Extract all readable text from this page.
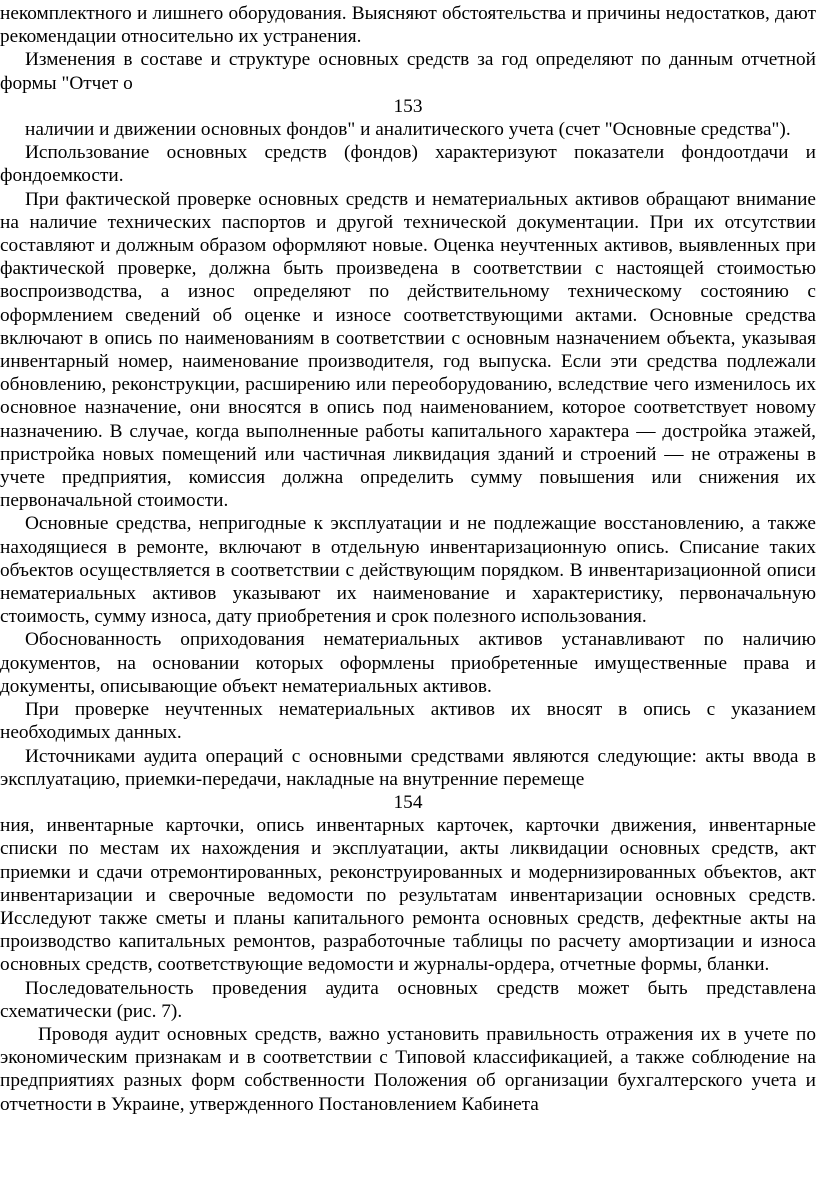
некомплектного и лишнего оборудования. Выясняют обстоятельства и причины недостатков, дают рекомендации относительно их устранения.

Изменения в составе и структуре основных средств за год определяют по данным отчетной формы "Отчет о

153

наличии и движении основных фондов" и аналитического учета (счет "Основные средства").

Использование основных средств (фондов) характеризуют показатели фондоотдачи и фондоемкости.

При фактической проверке основных средств и нематериальных активов обращают внимание на наличие технических паспортов и другой технической документации. При их отсутствии составляют и должным образом оформляют новые. Оценка неучтенных активов, выявленных при фактической проверке, должна быть произведена в соответствии с настоящей стоимостью воспроизводства, а износ определяют по действительному техническому состоянию с оформлением сведений об оценке и износе соответствующими актами. Основные средства включают в опись по наименованиям в соответствии с основным назначением объекта, указывая инвентарный номер, наименование производителя, год выпуска. Если эти средства подлежали обновлению, реконструкции, расширению или переоборудованию, вследствие чего изменилось их основное назначение, они вносятся в опись под наименованием, которое соответствует новому назначению. В случае, когда выполненные работы капитального характера — достройка этажей, пристройка новых помещений или частичная ликвидация зданий и строений — не отражены в учете предприятия, комиссия должна определить сумму повышения или снижения их первоначальной стоимости.

Основные средства, непригодные к эксплуатации и не подлежащие восстановлению, а также находящиеся в ремонте, включают в отдельную инвентаризационную опись. Списание таких объектов осуществляется в соответствии с действующим порядком. В инвентаризационной описи нематериальных активов указывают их наименование и характеристику, первоначальную стоимость, сумму износа, дату приобретения и срок полезного использования.

Обоснованность оприходования нематериальных активов устанавливают по наличию документов, на основании которых оформлены приобретенные имущественные права и документы, описывающие объект нематериальных активов.

При проверке неучтенных нематериальных активов их вносят в опись с указанием необходимых данных.

Источниками аудита операций с основными средствами являются следующие: акты ввода в эксплуатацию, приемки-передачи, накладные на внутренние перемеще

154

ния, инвентарные карточки, опись инвентарных карточек, карточки движения, инвентарные списки по местам их нахождения и эксплуатации, акты ликвидации основных средств, акт приемки и сдачи отремонтированных, реконструированных и модернизированных объектов, акт инвентаризации и сверочные ведомости по результатам инвентаризации основных средств. Исследуют также сметы и планы капитального ремонта основных средств, дефектные акты на производство капитальных ремонтов, разработочные таблицы по расчету амортизации и износа основных средств, соответствующие ведомости и журналы-ордера, отчетные формы, бланки.

Последовательность проведения аудита основных средств может быть представлена схематически (рис. 7).

Проводя аудит основных средств, важно установить правильность отражения их в учете по экономическим признакам и в соответствии с Типовой классификацией, а также соблюдение на предприятиях разных форм собственности Положения об организации бухгалтерского учета и отчетности в Украине, утвержденного Постановлением Кабинета
